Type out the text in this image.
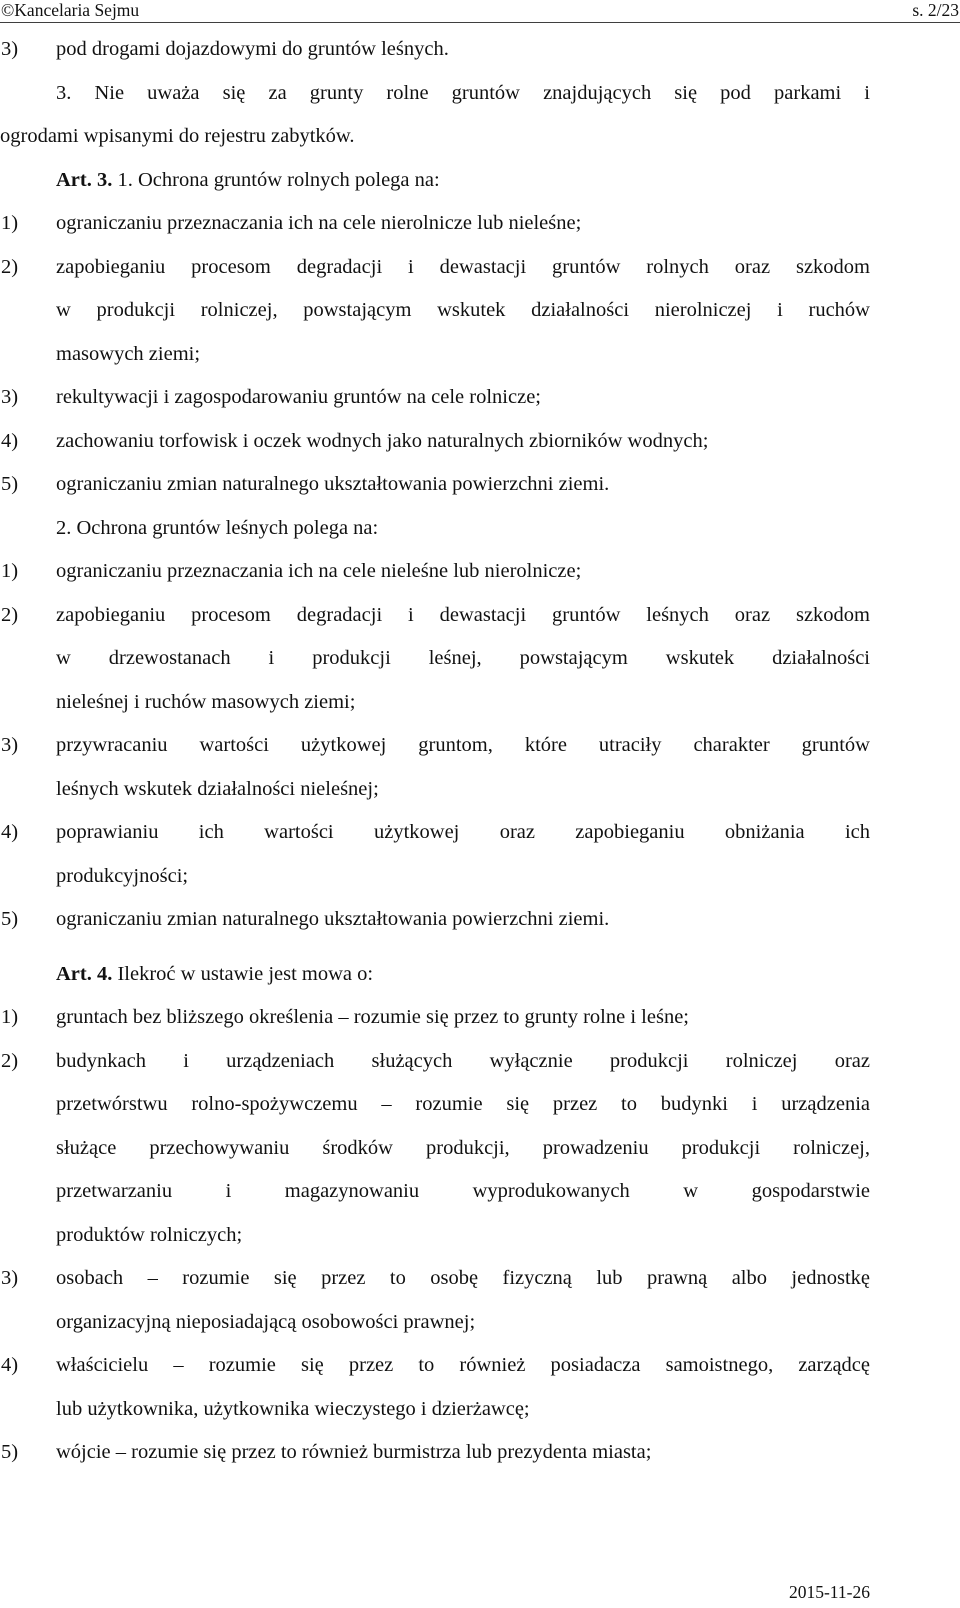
©Kancelaria Sejmu	s. 2/23
3) pod drogami dojazdowymi do gruntów leśnych.
3. Nie uważa się za grunty rolne gruntów znajdujących się pod parkami i
ogrodami wpisanymi do rejestru zabytków.
Art. 3. 1. Ochrona gruntów rolnych polega na:
1) ograniczaniu przeznaczania ich na cele nierolnicze lub nieleśne;
2) zapobieganiu procesom degradacji i dewastacji gruntów rolnych oraz szkodom
w produkcji rolniczej, powstającym wskutek działalności nierolniczej i ruchów
masowych ziemi;
3) rekultywacji i zagospodarowaniu gruntów na cele rolnicze;
4) zachowaniu torfowisk i oczek wodnych jako naturalnych zbiorników wodnych;
5) ograniczaniu zmian naturalnego ukształtowania powierzchni ziemi.
2. Ochrona gruntów leśnych polega na:
1) ograniczaniu przeznaczania ich na cele nieleśne lub nierolnicze;
2) zapobieganiu procesom degradacji i dewastacji gruntów leśnych oraz szkodom
w drzewostanach i produkcji leśnej, powstającym wskutek działalności
nieleśnej i ruchów masowych ziemi;
3) przywracaniu wartości użytkowej gruntom, które utraciły charakter gruntów
leśnych wskutek działalności nieleśnej;
4) poprawianiu ich wartości użytkowej oraz zapobieganiu obniżania ich
produkcyjności;
5) ograniczaniu zmian naturalnego ukształtowania powierzchni ziemi.
Art. 4. Ilekroć w ustawie jest mowa o:
1) gruntach bez bliższego określenia – rozumie się przez to grunty rolne i leśne;
2) budynkach i urządzeniach służących wyłącznie produkcji rolniczej oraz
przetwórstwu rolno-spożywczemu – rozumie się przez to budynki i urządzenia
służące przechowywaniu środków produkcji, prowadzeniu produkcji rolniczej,
przetwarzaniu i magazynowaniu wyprodukowanych w gospodarstwie
produktów rolniczych;
3) osobach – rozumie się przez to osobę fizyczną lub prawną albo jednostkę
organizacyjną nieposiadającą osobowości prawnej;
4) właścicielu – rozumie się przez to również posiadacza samoistnego, zarządcę
lub użytkownika, użytkownika wieczystego i dzierżawcę;
5) wójcie – rozumie się przez to również burmistrza lub prezydenta miasta;
2015-11-26
